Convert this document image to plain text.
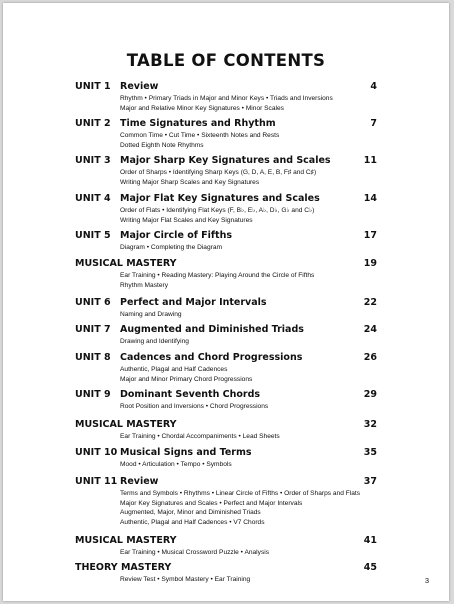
TABLE OF CONTENTS
UNIT 1 Review	4
Rhythm • Primary Triads in Major and Minor Keys • Triads and Inversions
Major and Relative Minor Key Signatures • Minor Scales
UNIT 2 Time Signatures and Rhythm	7
Common Time • Cut Time • Sixteenth Notes and Rests
Dotted Eighth Note Rhythms
UNIT 3 Major Sharp Key Signatures and Scales	11
Order of Sharps • Identifying Sharp Keys (G, D, A, E, B, F♯ and C♯)
Writing Major Sharp Scales and Key Signatures
UNIT 4 Major Flat Key Signatures and Scales	14
Order of Flats • Identifying Flat Keys (F, B♭, E♭, A♭, D♭, G♭ and C♭)
Writing Major Flat Scales and Key Signatures
UNIT 5 Major Circle of Fifths	17
Diagram • Completing the Diagram
MUSICAL MASTERY	19
Ear Training • Reading Mastery: Playing Around the Circle of Fifths
Rhythm Mastery
UNIT 6 Perfect and Major Intervals	22
Naming and Drawing
UNIT 7 Augmented and Diminished Triads	24
Drawing and Identifying
UNIT 8 Cadences and Chord Progressions	26
Authentic, Plagal and Half Cadences
Major and Minor Primary Chord Progressions
UNIT 9 Dominant Seventh Chords	29
Root Position and Inversions • Chord Progressions
MUSICAL MASTERY	32
Ear Training • Chordal Accompaniments • Lead Sheets
UNIT 10 Musical Signs and Terms	35
Mood • Articulation • Tempo • Symbols
UNIT 11 Review	37
Terms and Symbols • Rhythms • Linear Circle of Fifths • Order of Sharps and Flats
Major Key Signatures and Scales • Perfect and Major Intervals
Augmented, Major, Minor and Diminished Triads
Authentic, Plagal and Half Cadences • V7 Chords
MUSICAL MASTERY	41
Ear Training • Musical Crossword Puzzle • Analysis
THEORY MASTERY	45
Review Test • Symbol Mastery • Ear Training	3
